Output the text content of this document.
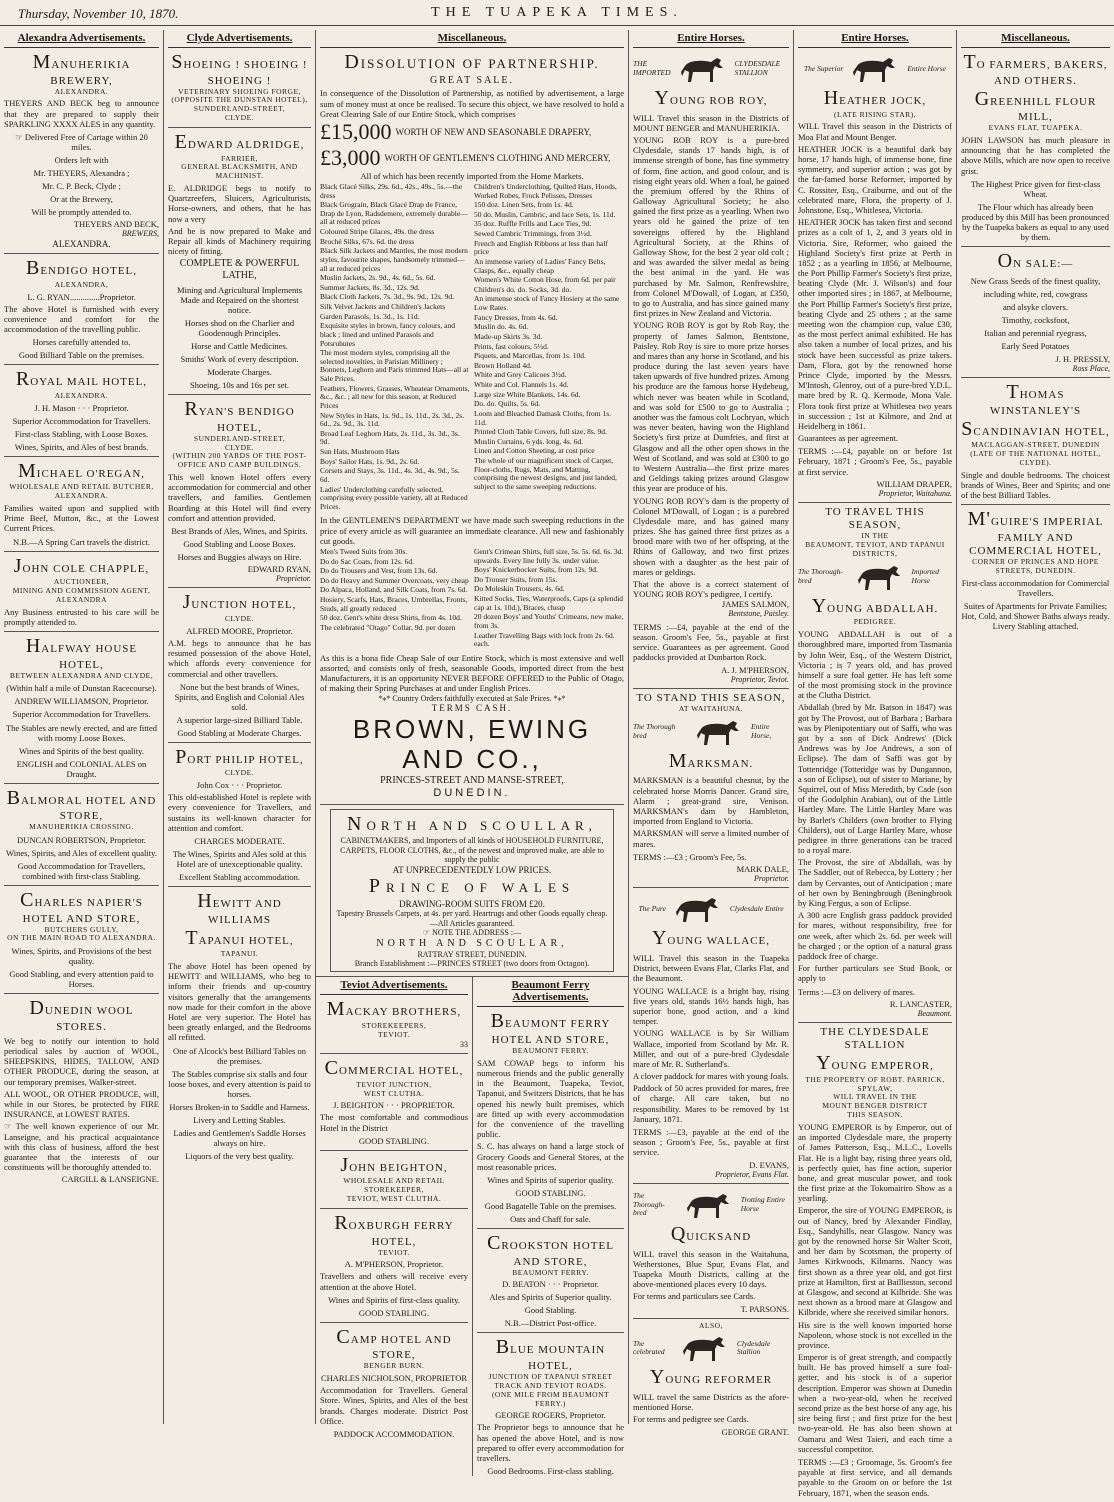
Thursday, November 10, 1870.	THE TUAPEKA TIMES.
Alexandra Advertisements.
MANUHERIKIA BREWERY,
ALEXANDRA.
THEYERS AND BECK beg to announce that they are prepared to supply their SPARKLING XXXX ALES in any quantity.
☞ Delivered Free of Cartage within 20 miles.
Orders left with
Mr. THEYERS, Alexandra ;
Mr. C. P. Beck, Clyde ;
Or at the Brewery,
Will be promptly attended to.
THEYERS AND BECK,
BREWERS,
ALEXANDRA.
BENDIGO HOTEL,
ALEXANDRA,
L. G. RYAN..............Proprietor.
The above Hotel is furnished with every convenience and comfort for the accommodation of the travelling public.
Horses carefully attended to.
Good Billiard Table on the premises.
ROYAL MAIL HOTEL,
ALEXANDRA.
J. H. Mason · · · Proprietor.
Superior Accommodation for Travellers.
First-class Stabling, with Loose Boxes.
Wines, Spirits, and Ales of best brands.
MICHAEL O'REGAN,
WHOLESALE AND RETAIL BUTCHER,
ALEXANDRA.
Families waited upon and supplied with Prime Beef, Mutton, &c., at the Lowest Current Prices.
N.B.—A Spring Cart travels the district.
JOHN COLE CHAPPLE,
AUCTIONEER,
MINING AND COMMISSION AGENT, ALEXANDRA
Any Business entrusted to his care will be promptly attended to.
HALFWAY HOUSE HOTEL,
BETWEEN ALEXANDRA AND CLYDE,
(Within half a mile of Dunstan Racecourse).
ANDREW WILLIAMSON, Proprietor.
Superior Accommodation for Travellers.
The Stables are newly erected, and are fitted with roomy Loose Boxes.
Wines and Spirits of the best quality.
ENGLISH and COLONIAL ALES on Draught.
BALMORAL HOTEL AND STORE,
MANUHERIKIA CROSSING.
DUNCAN ROBERTSON, Proprietor.
Wines, Spirits, and Ales of excellent quality.
Good Accommodation for Travellers, combined with first-class Stabling.
CHARLES NAPIER'S HOTEL AND STORE,
BUTCHERS GULLY,
ON THE MAIN ROAD TO ALEXANDRA.
Wines, Spirits, and Provisions of the best quality.
Good Stabling, and every attention paid to Horses.
DUNEDIN WOOL STORES.
We beg to notify our intention to hold periodical sales by auction of WOOL, SHEEPSKINS, HIDES, TALLOW, AND OTHER PRODUCE, during the season, at our temporary premises, Walker-street.
ALL WOOL, OR OTHER PRODUCE, will, while in our Stores, be protected by FIRE INSURANCE, at LOWEST RATES.
☞ The well known experience of our Mr. Lanseigne, and his practical acquaintance with this class of business, afford the best guarantee that the interests of our constituents will be thoroughly attended to.
CARGILL & LANSEIGNE.
Clyde Advertisements.
SHOEING ! SHOEING ! SHOEING !
VETERINARY SHOEING FORGE,
(OPPOSITE THE DUNSTAN HOTEL),
SUNDERLAND-STREET,
CLYDE.
EDWARD ALDRIDGE,
FARRIER,
GENERAL BLACKSMITH, AND MACHINIST.
E. ALDRIDGE begs to notify to Quartzreefers, Sluicers, Agriculturists, Horse-owners, and others, that he has now a very
And he is now prepared to Make and Repair all kinds of Machinery requiring nicety of fitting.
COMPLETE & POWERFUL LATHE,
Mining and Agricultural Implements Made and Repaired on the shortest notice.
Horses shod on the Charlier and Goodenough Principles.
Horse and Cattle Medicines.
Smiths' Work of every description.
Moderate Charges.
Shoeing, 10s and 16s per set.
RYAN'S BENDIGO HOTEL,
SUNDERLAND-STREET,
CLYDE.
(WITHIN 200 YARDS OF THE POST-OFFICE AND CAMP BUILDINGS.
This well known Hotel offers every accommodation for commercial and other travellers, and families. Gentlemen Boarding at this Hotel will find every comfort and attention provided.
Best Brands of Ales, Wines, and Spirits.
Good Stabling and Loose Boxes.
Horses and Buggies always on Hire.
EDWARD RYAN,
Proprietor.
JUNCTION HOTEL,
CLYDE.
ALFRED MOORE, Proprietor.
A.M. begs to announce that he has resumed possession of the above Hotel, which affords every convenience for commercial and other travellers.
None but the best brands of Wines, Spirits, and English and Colonial Ales sold.
A superior large-sized Billiard Table.
Good Stabling at Moderate Charges.
PORT PHILIP HOTEL,
CLYDE.
John Cox · · · Proprietor.
This old-established Hotel is replete with every convenience for Travellers, and sustains its well-known character for attention and comfort.
CHARGES MODERATE.
The Wines, Spirits and Ales sold at this Hotel are of unexceptionable quality.
Excellent Stabling accommodation.
HEWITT AND WILLIAMS
TAPANUI HOTEL,
TAPANUI.
The above Hotel has been opened by HEWITT and WILLIAMS, who beg to inform their friends and up-country visitors generally that the arrangements now made for their comfort in the above Hotel are very superior. The Hotel has been greatly enlarged, and the Bedrooms all refitted.
One of Alcock's best Billiard Tables on the premises.
The Stables comprise six stalls and four loose boxes, and every attention is paid to horses.
Horses Broken-in to Saddle and Harness.
Livery and Letting Stables.
Ladies and Gentlemen's Saddle Horses always on hire.
Liquors of the very best quality.
Miscellaneous.
DISSOLUTION OF PARTNERSHIP.
GREAT SALE.
In consequence of the Dissolution of Partnership, as notified by advertisement, a large sum of money must at once be realised. To secure this object, we have resolved to hold a Great Clearing Sale of our Entire Stock, which comprises
£15,000 WORTH OF NEW AND SEASONABLE DRAPERY,
£3,000 WORTH OF GENTLEMEN'S CLOTHING AND MERCERY,
All of which has been recently imported from the Home Markets.
Black Glacé Silks, 29s. 6d., 42s., 49s., 5s.—the dress
Black Grograin, Black Glacé Drap de France, Drap de Lyon, Radsdemere, extremely durable—all at reduced prices
Coloured Stripe Glaces, 49s. the dress
Broché Silks, 67s. 6d. the dress
Black Silk Jackets and Mantles, the most modern styles, favourite shapes, handsomely trimmed—all at reduced prices
Muslin Jackets, 2s. 9d., 4s. 6d., 5s. 6d.
Summer Jackets, 8s. 3d., 12s. 9d.
Black Cloth Jackets, 7s. 3d., 9s. 9d., 12s. 9d.
Silk Velvet Jackets and Children's Jackets
Garden Parasols, 1s. 3d., 1s. 11d.
Exquisite styles in brown, fancy colours, and black ; lined and unlined Parasols and Potsruhutes
The most modern styles, comprising all the selected novelties, in Parisian Millinery ; Bonnets, Leghorn and Paris trimmed Hats—all at Sale Prices.
Feathers, Flowers, Grasses, Wheatear Ornaments, &c., &c. ; all new for this season, at Reduced Prices
New Styles in Hats, 1s. 9d., 1s. 11d., 2s. 3d., 2s. 6d., 2s. 9d., 3s. 11d.
Broad Leaf Leghorn Hats, 2s. 11d., 3s. 3d., 3s. 9d.
Sun Hats, Mushroom Hats
Boys' Sailor Hats, 1s. 9d., 2s. 6d.
Corsets and Stays, 3s. 11d., 4s. 3d., 4s. 9d., 5s. 6d.
Ladies' Underclothing carefully selected, comprising every possible variety, all at Reduced Prices.
Children's Underclothing, Quilted Hats, Hoods, Worked Robes, Frock Pelisses, Dresses
150 doz. Linen Sets, from 1s. 4d.
50 do. Muslin, Cambric, and lace Sets, 1s. 11d.
35 doz. Ruffle Frills and Lace Ties, 9d.
Sewed Cambric Trimmings, from 3½d.
French and English Ribbons at less than half price
An immense variety of Ladies' Fancy Belts, Clasps, &c., equally cheap
Women's White Cotton Hose, from 6d. per pair
Children's do. do. Socks, 3d. do.
An immense stock of Fancy Hosiery at the same Low Rates.
Fancy Dresses, from 4s. 6d.
Muslin do. 4s. 6d.
Made-up Skirts 3s. 3d.
Prints, fast colours, 5½d.
Piquets, and Marcellas, from 1s. 10d.
Brown Holland 4d.
White and Grey Calicoes 3½d.
White and Col. Flannels 1s. 4d.
Large size White Blankets, 14s. 6d.
Do. do. Quilts, 5s. 6d.
Loom and Bleached Damask Cloths, from 1s. 11d.
Printed Cloth Table Covers, full size, 8s. 9d.
Muslin Curtains, 6 yds. long, 4s. 6d.
Linen and Cotton Sheeting, at cost price
The whole of our magnificent stock of Carpet, Floor-cloths, Rugs, Mats, and Matting, comprising the newest designs, and just landed, subject to the same sweeping reductions.
In the GENTLEMEN'S DEPARTMENT we have made such sweeping reductions in the price of every article as will guarantee an immediate clearance. All new and fashionably cut goods.
Men's Tweed Suits from 30s.
Do do Sac Coats, from 12s. 6d.
Do do Trousers and Vest, from 13s. 6d.
Do do Heavy and Summer Overcoats, very cheap
Do Alpaca, Holland, and Silk Coats, from 7s. 6d.
Hosiery, Scarfs, Hats, Braces, Umbrellas, Fronts, Studs, all greatly reduced
50 doz. Gent's white dress Shirts, from 4s. 10d.
The celebrated "Otago" Collar, 9d. per dozen
Gent's Crimean Shirts, full size, 5s. 5s. 6d. 6s. 3d. upwards. Every line fully 3s. under value.
Boys' Knickerbocker Suits, from 12s. 9d.
Do Trouser Suits, from 15s.
Do Moleskin Trousers, 4s. 6d.
Kitted Socks, Ties, Waterproofs, Caps (a splendid cap at 1s. 10d.), Braces, cheap
20 dozen Boys' and Youths' Crimeans, new make, from 3s.
Leather Travelling Bags with lock from 2s. 6d. each.
As this is a bona fide Cheap Sale of our Entire Stock, which is most extensive and well assorted, and consists only of fresh, seasonable Goods, imported direct from the best Manufacturers, it is an opportunity NEVER BEFORE OFFERED to the Public of Otago, of making their Spring Purchases at and under English Prices.
*⁎* Country Orders faithfully executed at Sale Prices. *⁎*
TERMS CASH.
BROWN, EWING AND CO.,
PRINCES-STREET AND MANSE-STREET,
DUNEDIN.
NORTH AND SCOULLAR,
CABINETMAKERS, and Importers of all kinds of HOUSEHOLD FURNITURE, CARPETS, FLOOR CLOTHS, &c., of the newest and improved make, are able to supply the public
AT UNPRECEDENTEDLY LOW PRICES.
PRINCE OF WALES
DRAWING-ROOM SUITS FROM £20.
Tapestry Brussels Carpets, at 4s. per yard. Heartrugs and other Goods equally cheap.—All Articles guaranteed.
☞ NOTE THE ADDRESS :—
NORTH AND SCOULLAR,
RATTRAY STREET, DUNEDIN.
Branch Establishment :—PRINCES STREET (two doors from Octagon).
Teviot Advertisements.
MACKAY BROTHERS,
STOREKEEPERS,
TEVIOT.
33
COMMERCIAL HOTEL,
TEVIOT JUNCTION,
WEST CLUTHA.
J. BEIGHTON · · · PROPRIETOR.
The most comfortable and commodious Hotel in the District
GOOD STABLING.
JOHN BEIGHTON,
WHOLESALE AND RETAIL
STOREKEEPER,
TEVIOT, WEST CLUTHA.
ROXBURGH FERRY HOTEL,
TEVIOT.
A. M'PHERSON, Proprietor.
Travellers and others will receive every attention at the above Hotel.
Wines and Spirits of first-class quality.
GOOD STABLING.
CAMP HOTEL AND STORE,
BENGER BURN.
CHARLES NICHOLSON, PROPRIETOR
Accommodation for Travellers. General Store. Wines, Spirits, and Ales of the best brands. Charges moderate. District Post Office.
PADDOCK ACCOMMODATION.
Beaumont Ferry Advertisements.
BEAUMONT FERRY HOTEL AND STORE,
BEAUMONT FERRY.
SAM COWAP begs to inform his numerous friends and the public generally in the Beaumont, Tuapeka, Teviot, Tapanui, and Switzers Districts, that he has opened his newly built premises, which are fitted up with every accommodation for the convenience of the travelling public.
S. C. has always on hand a large stock of Grocery Goods and General Stores, at the most reasonable prices.
Wines and Spirits of superior quality.
GOOD STABLING.
Good Bagatelle Table on the premises.
Oats and Chaff for sale.
CROOKSTON HOTEL AND STORE,
BEAUMONT FERRY.
D. BEATON · · · Proprietor.
Ales and Spirits of Superior quality.
Good Stabling.
N.B.—District Post-office.
BLUE MOUNTAIN HOTEL,
JUNCTION OF TAPANUI STREET TRACK AND TEVIOT ROADS.
(ONE MILE FROM BEAUMONT FERRY.)
GEORGE ROGERS, Proprietor.
The Proprietor begs to announce that he has opened the above Hotel, and is now prepared to offer every accommodation for travellers.
Good Bedrooms. First-class stabling.
Entire Horses.
THE IMPORTED
CLYDESDALE STALLION
YOUNG ROB ROY,
WILL Travel this season in the Districts of MOUNT BENGER and MANUHERIKIA.
YOUNG ROB ROY is a pure-bred Clydesdale, stands 17 hands high, is of immense strength of bone, has fine symmetry of form, fine action, and good colour, and is rising eight years old. When a foal, he gained the premium offered by the Rhins of Galloway Agricultural Society; he also gained the first prize as a yearling. When two years old he gained the prize of ten sovereigns offered by the Highland Agricultural Society, at the Rhins of Galloway Show, for the best 2 year old colt ; and was awarded the silver medal as being the best animal in the yard. He was purchased by Mr. Salmon, Renfrewshire, from Colonel M'Dowall, of Logan, at £350, to go to Australia, and has since gained many first prizes in New Zealand and Victoria.
YOUNG ROB ROY is got by Rob Roy, the property of James Salmon, Bentstone, Paisley. Rob Roy is sire to more prize horses and mares than any horse in Scotland, and his produce during the last seven years have taken upwards of five hundred prizes. Among his produce are the famous horse Hydebeug, which never was beaten while in Scotland, and was sold for £500 to go to Australia ; another was the famous colt Lochryan, which was never beaten, having won the Highland Society's first prize at Dumfries, and first at Glasgow and all the other open shows in the West of Scotland, and was sold at £300 to go to Western Australia—the first prize mares and Geldings taking prizes around Glasgow this year are produce of his.
YOUNG ROB ROY's dam is the property of Colonel M'Dowall, of Logan ; is a purebred Clydesdale mare, and has gained many prizes. She has gained three first prizes as a brood mare with two of her offspring, at the Rhins of Galloway, and two first prizes shown with a daughter as the best pair of mares or geldings.
That the above is a correct statement of YOUNG ROB ROY's pedigree, I certify.
JAMES SALMON,
Bentstone, Paisley.
TERMS :—£4, payable at the end of the season. Groom's Fee, 5s., payable at first service. Guarantees as per agreement. Good paddocks provided at Dunbarton Rock.
A. J. M'PHERSON,
Proprietor, Teviot.
TO STAND THIS SEASON,
AT WAITAHUNA.
The Thorough bred
Entire Horse,
MARKSMAN.
MARKSMAN is a beautiful chesnut, by the celebrated horse Morris Dancer. Grand sire, Alarm ; great-grand sire, Venison. MARKSMAN's dam by Hambleton, imported from England to Victoria.
MARKSMAN will serve a limited number of mares.
TERMS :—£3 ; Groom's Fee, 5s.
MARK DALE,
Proprietor.
The Pure	Clydesdale Entire
YOUNG WALLACE,
WILL Travel this season in the Tuapeka District, between Evans Flat, Clarks Flat, and the Beaumont.
YOUNG WALLACE is a bright bay, rising five years old, stands 16½ hands high, has superior bone, good action, and a kind temper.
YOUNG WALLACE is by Sir William Wallace, imported from Scotland by Mr. R. Miller, and out of a pure-bred Clydesdale mare of Mr. R. Sutherland's.
A clover paddock for mares with young foals.
Paddock of 50 acres provided for mares, free of charge. All care taken, but no responsibility. Mares to be removed by 1st January, 1871.
TERMS :—£3, payable at the end of the season ; Groom's Fee, 5s., payable at first service.
D. EVANS,
Proprietor, Evans Flat.
The Thorough-bred
Trotting Entire Horse
QUICKSAND
WILL travel this season in the Waitahuna, Wetherstones, Blue Spur, Evans Flat, and Tuapeka Mouth Districts, calling at the above-mentioned places every 10 days.
For terms and particulars see Cards.
T. PARSONS.
ALSO,
The celebrated
Clydesdale Stallion
YOUNG REFORMER
WILL travel the same Districts as the afore-mentioned Horse.
For terms and pedigree see Cards.
GEORGE GRANT.
Entire Horses.
The Superior	Entire Horse
HEATHER JOCK,
(LATE RISING STAR),
WILL Travel this season in the Districts of Moa Flat and Mount Benger.
HEATHER JOCK is a beautiful dark bay horse, 17 hands high, of immense bone, fine symmetry, and superior action ; was got by the far-famed horse Reformer, imported by C. Rossiter, Esq., Craiburne, and out of the celebrated mare, Flora, the property of J. Johnstone, Esq., Whitlesea, Victoria.
HEATHER JOCK has taken first and second prizes as a colt of 1, 2, and 3 years old in Victoria. Sire, Reformer, who gained the Highland Society's first prize at Perth in 1852 ; as a yearling in 1856, at Melbourne, the Port Phillip Farmer's Society's first prize, beating Clyde (Mr. J. Wilson's) and four other imported sires ; in 1867, at Melbourne, the Port Phillip Farmer's Society's first prize, beating Clyde and 25 others ; at the same meeting won the champion cup, value £30, as the most perfect animal exhibited. He has also taken a number of local prizes, and his stock have been successful as prize takers. Dam, Flora, got by the renowned horse Prince Clyde, imported by the Messrs. M'Intosh, Glenroy, out of a pure-bred Y.D.L. mare bred by R. Q. Kermode, Mona Vale. Flora took first prize at Whitlesea two years in succession ; 1st at Kilmore, and 2nd at Heidelberg in 1861.
Guarantees as per agreement.
TERMS :—£4, payable on or before 1st February, 1871 ; Groom's Fee, 5s., payable at first service.
WILLIAM DRAPER,
Proprietor, Waitahuna.
TO TRAVEL THIS SEASON,
IN THE
BEAUMONT, TEVIOT, AND TAPANUI DISTRICTS,
The Thorough-bred
Imported Horse
YOUNG ABDALLAH.
PEDIGREE.
YOUNG ABDALLAH is out of a thoroughbred mare, imported from Tasmania by John Weir, Esq., of the Western District, Victoria ; is 7 years old, and has proved himself a sure foal getter. He has left some of the most promising stock in the province at the Clutha District.
Abdallah (bred by Mr. Batson in 1847) was got by The Provost, out of Barbara ; Barbara was by Plenipotentiary out of Saffi, who was got by a son of Dick Andrews' (Dick Andrews was by Joe Andrews, a son of Eclipse). The dam of Saffi was got by Tottenridge (Totteridge was by Dungannon, a son of Eclipse), out of sister to Mariane, by Squirrel, out of Miss Meredith, by Cade (son of the Godolphin Arabian), out of the Little Hartley Mare. The Little Hartley Mare was by Barlet's Childers (own brother to Flying Childers), out of Large Hartley Mare, whose pedigree in three generations can be traced to a royal mare.
The Provost, the sire of Abdallah, was by The Saddler, out of Rebecca, by Lottery ; her dam by Cervantes, out of Anticipation ; mare of her own by Beningbrough (Beningbrook by King Fergus, a son of Eclipse.
A 300 acre English grass paddock provided for mares, without responsibility, free for one week, after which 2s. 6d. per week will be charged ; or the option of a natural grass paddock free of charge.
For further particulars see Stud Book, or apply to
Terms :—£3 on delivery of mares.
R. LANCASTER,
Beaumont.
THE CLYDESDALE STALLION
YOUNG EMPEROR,
THE PROPERTY OF ROBT. PARRICK, SPYLAW,
WILL TRAVEL IN THE
MOUNT BENGER DISTRICT
THIS SEASON.
YOUNG EMPEROR is by Emperor, out of an imported Clydesdale mare, the property of James Patterson, Esq., M.L.C., Lovells Flat. He is a light bay, rising three years old, is perfectly quiet, has fine action, superior bone, and great muscular power, and took the first prize at the Tokomairiro Show as a yearling.
Emperor, the sire of YOUNG EMPEROR, is out of Nancy, bred by Alexander Findlay, Esq., Sandyhills, near Glasgow. Nancy was got by the renowned horse Sir Walter Scott, and her dam by Scotsman, the property of James Kirkwoods, Kilmarns. Nancy was first shown as a three year old, and got first prize at Hamilton, first at Baillieston, second at Glasgow, and second at Kilbride. She was next shown as a brood mare at Glasgow and Kilbride, where she received similar honors.
His sire is the well known imported horse Napoleon, whose stock is not excelled in the province.
Emperor is of great strength, and compactly built. He has proved himself a sure foal-getter, and his stock is of a superior description. Emperor was shown at Dunedin when a two-year-old, when he received second prize as the best horse of any age, his sire being first ; and first prize for the best two-year-old. He has also been shown at Oamaru and West Taieri, and each time a successful competitor.
TERMS :—£3 ; Groomage, 5s. Groom's fee payable at first service, and all demands payable to the Groom on or before the 1st February, 1871, when the season ends.
Miscellaneous.
TO FARMERS, BAKERS, AND OTHERS.
GREENHILL FLOUR MILL,
EVANS FLAT, TUAPEKA.
JOHN LAWSON has much pleasure in announcing that he has completed the above Mills, which are now open to receive grist.
The Highest Price given for first-class Wheat.
The Flour which has already been produced by this Mill has been pronounced by the Tuapeka bakers as equal to any used by them.
ON SALE:—
New Grass Seeds of the finest quality,
including white, red, cowgrass
and alsyke clovers.
Timothy, cocksfoot,
Italian and perennial ryegrass,
Early Seed Potatoes
J. H. PRESSLY,
Ross Place,
THOMAS WINSTANLEY'S
SCANDINAVIAN HOTEL,
MACLAGGAN-STREET, DUNEDIN
(LATE OF THE NATIONAL HOTEL, CLYDE).
Single and double bedrooms. The choicest brands of Wines, Beer and Spirits; and one of the best Billiard Tables.
M'GUIRE'S IMPERIAL FAMILY AND COMMERCIAL HOTEL,
CORNER OF PRINCES AND HOPE STREETS, DUNEDIN.
First-class accommodation for Commercial Travellers.
Suites of Apartments for Private Families; Hot, Cold, and Shower Baths always ready. Livery Stabling attached.
